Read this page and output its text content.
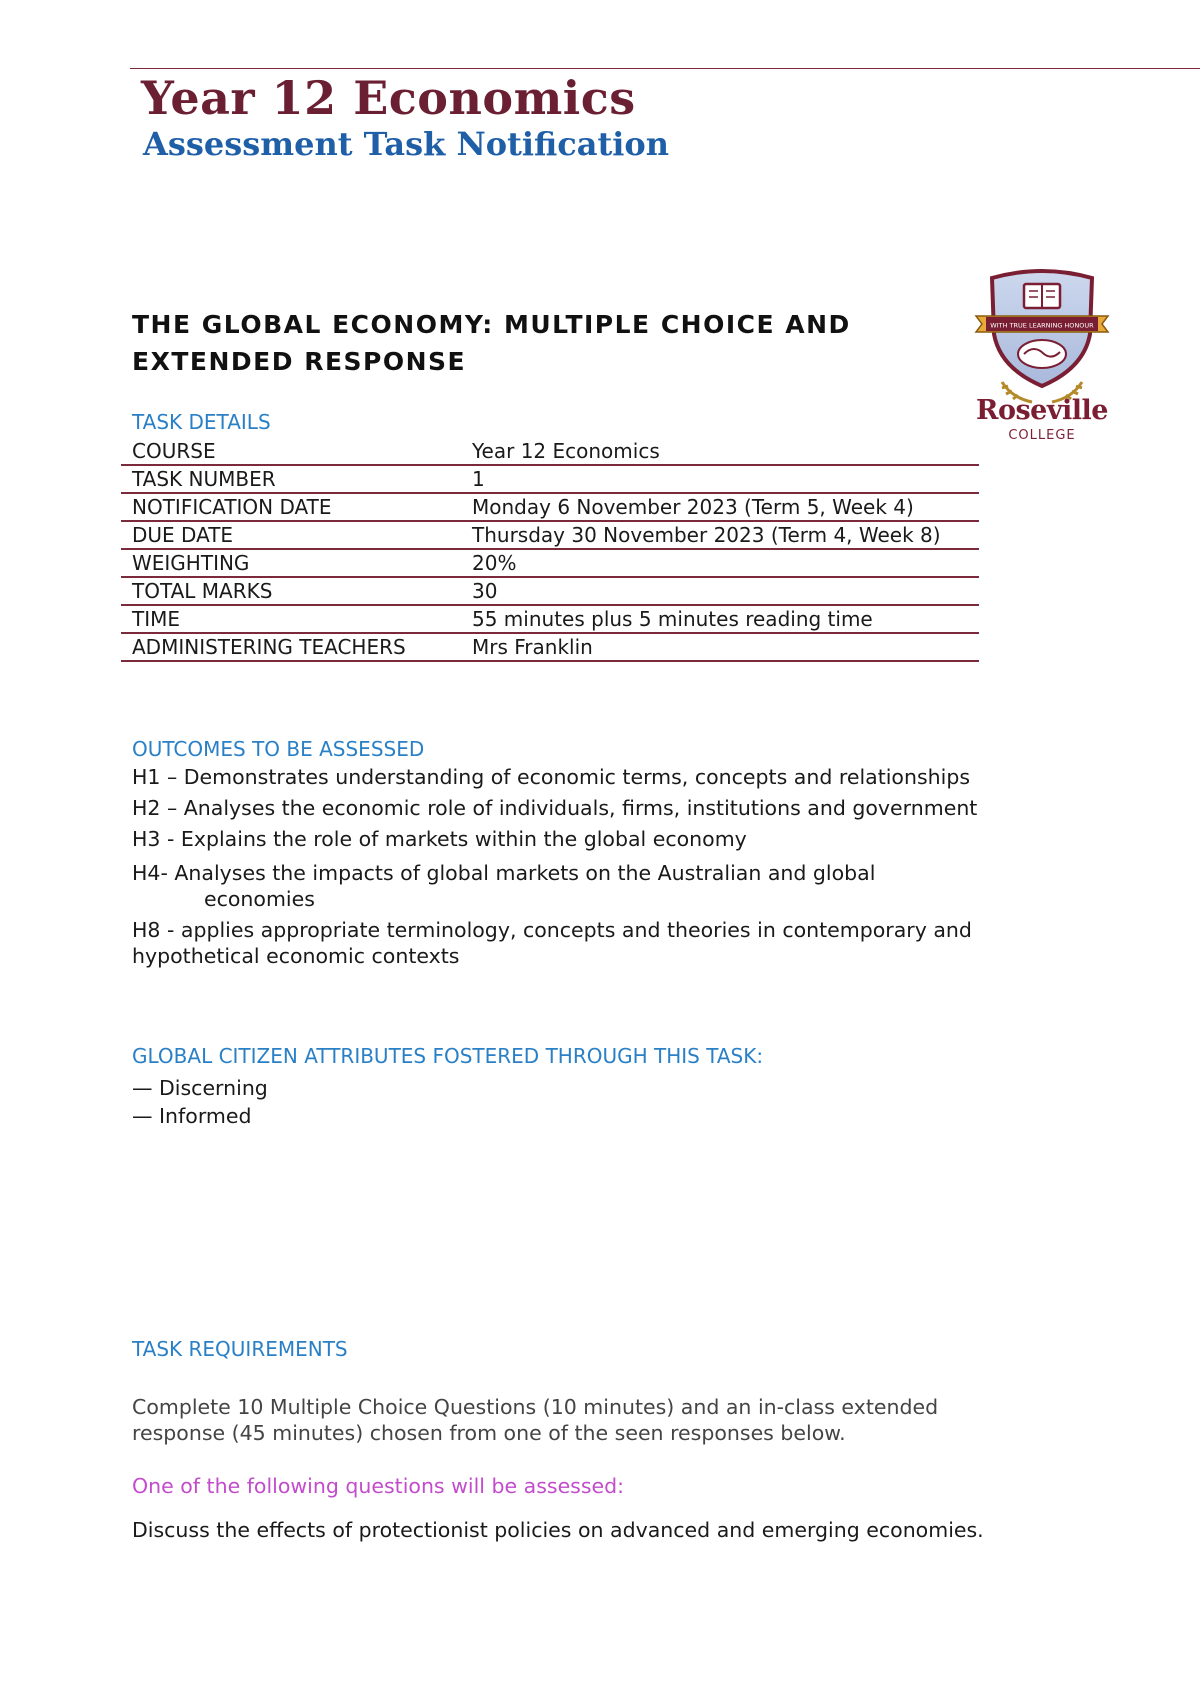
Year 12 Economics
Assessment Task Notification
THE GLOBAL ECONOMY: MULTIPLE CHOICE AND EXTENDED RESPONSE
WITH TRUE LEARNING HONOUR
Roseville
COLLEGE
TASK DETAILS
COURSE	Year 12 Economics
TASK NUMBER	1
NOTIFICATION DATE	Monday 6 November 2023 (Term 5, Week 4)
DUE DATE	Thursday 30 November 2023 (Term 4, Week 8)
WEIGHTING	20%
TOTAL MARKS	30
TIME	55 minutes plus 5 minutes reading time
ADMINISTERING TEACHERS	Mrs Franklin
OUTCOMES TO BE ASSESSED

H1 – Demonstrates understanding of economic terms, concepts and relationships

H2 – Analyses the economic role of individuals, firms, institutions and government

H3 - Explains the role of markets within the global economy

H4- Analyses the impacts of global markets on the Australian and global economies

H8 - applies appropriate terminology, concepts and theories in contemporary and hypothetical economic contexts

GLOBAL CITIZEN ATTRIBUTES FOSTERED THROUGH THIS TASK:

— Discerning

— Informed

TASK REQUIREMENTS

Complete 10 Multiple Choice Questions (10 minutes) and an in-class extended response (45 minutes) chosen from one of the seen responses below.

One of the following questions will be assessed:

Discuss the effects of protectionist policies on advanced and emerging economies.
